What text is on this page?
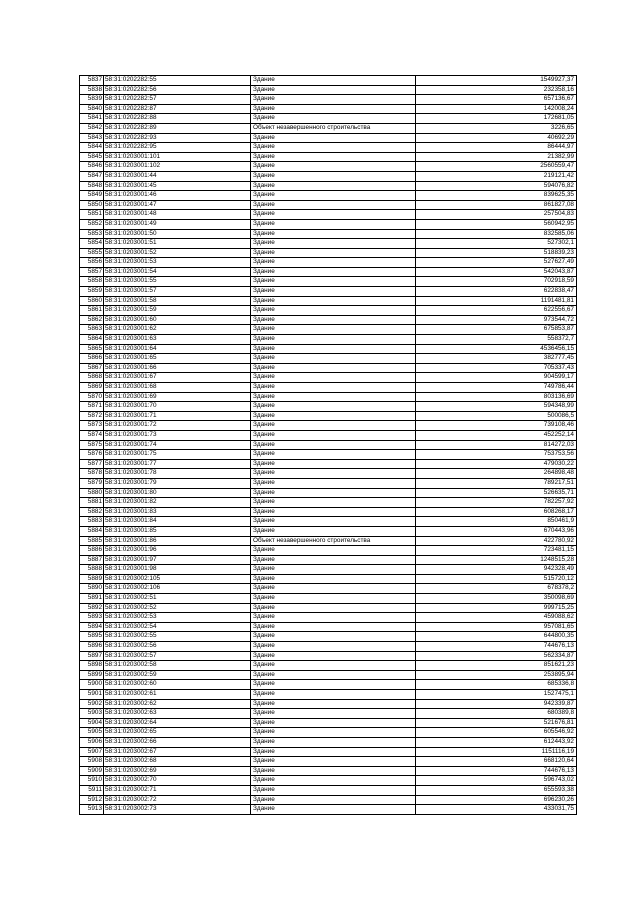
5837	58:31:0202282:55	Здание	1549927,37
5838	58:31:0202282:56	Здание	232358,16
5839	58:31:0202282:57	Здание	657136,67
5840	58:31:0202282:87	Здание	142008,24
5841	58:31:0202282:88	Здание	172681,05
5842	58:31:0202282:89	Объект незавершенного строительства	3226,65
5843	58:31:0202282:93	Здание	40692,29
5844	58:31:0202282:95	Здание	86444,97
5845	58:31:0203001:101	Здание	21382,99
5846	58:31:0203001:102	Здание	2560559,47
5847	58:31:0203001:44	Здание	219121,42
5848	58:31:0203001:45	Здание	594076,82
5849	58:31:0203001:46	Здание	839625,35
5850	58:31:0203001:47	Здание	861827,08
5851	58:31:0203001:48	Здание	257504,83
5852	58:31:0203001:49	Здание	560942,95
5853	58:31:0203001:50	Здание	832585,06
5854	58:31:0203001:51	Здание	527302,1
5855	58:31:0203001:52	Здание	518839,23
5856	58:31:0203001:53	Здание	527627,49
5857	58:31:0203001:54	Здание	542043,87
5858	58:31:0203001:55	Здание	702918,59
5859	58:31:0203001:57	Здание	622838,47
5860	58:31:0203001:58	Здание	1191481,81
5861	58:31:0203001:59	Здание	622556,67
5862	58:31:0203001:60	Здание	973544,72
5863	58:31:0203001:62	Здание	675853,87
5864	58:31:0203001:63	Здание	558372,7
5865	58:31:0203001:64	Здание	4536456,15
5866	58:31:0203001:65	Здание	382777,45
5867	58:31:0203001:66	Здание	705337,43
5868	58:31:0203001:67	Здание	904599,17
5869	58:31:0203001:68	Здание	749786,44
5870	58:31:0203001:69	Здание	803136,69
5871	58:31:0203001:70	Здание	594348,99
5872	58:31:0203001:71	Здание	500086,5
5873	58:31:0203001:72	Здание	739108,46
5874	58:31:0203001:73	Здание	452252,14
5875	58:31:0203001:74	Здание	814272,03
5876	58:31:0203001:75	Здание	753753,56
5877	58:31:0203001:77	Здание	479030,22
5878	58:31:0203001:78	Здание	264898,48
5879	58:31:0203001:79	Здание	789217,51
5880	58:31:0203001:80	Здание	526635,71
5881	58:31:0203001:82	Здание	782257,92
5882	58:31:0203001:83	Здание	608268,17
5883	58:31:0203001:84	Здание	850461,9
5884	58:31:0203001:85	Здание	670443,96
5885	58:31:0203001:86	Объект незавершенного строительства	422780,92
5886	58:31:0203001:96	Здание	723481,15
5887	58:31:0203001:97	Здание	1248515,28
5888	58:31:0203001:98	Здание	942328,49
5889	58:31:0203002:105	Здание	515720,12
5890	58:31:0203002:106	Здание	678378,2
5891	58:31:0203002:51	Здание	350098,69
5892	58:31:0203002:52	Здание	999715,25
5893	58:31:0203002:53	Здание	459088,62
5894	58:31:0203002:54	Здание	957081,65
5895	58:31:0203002:55	Здание	644800,35
5896	58:31:0203002:56	Здание	744676,13
5897	58:31:0203002:57	Здание	562334,87
5898	58:31:0203002:58	Здание	851621,23
5899	58:31:0203002:59	Здание	253895,94
5900	58:31:0203002:60	Здание	685336,8
5901	58:31:0203002:61	Здание	1527475,1
5902	58:31:0203002:62	Здание	942339,87
5903	58:31:0203002:63	Здание	680389,8
5904	58:31:0203002:64	Здание	521676,81
5905	58:31:0203002:65	Здание	605546,92
5906	58:31:0203002:66	Здание	612443,92
5907	58:31:0203002:67	Здание	1151116,19
5908	58:31:0203002:68	Здание	668120,64
5909	58:31:0203002:69	Здание	744676,13
5910	58:31:0203002:70	Здание	596743,02
5911	58:31:0203002:71	Здание	655593,38
5912	58:31:0203002:72	Здание	696230,26
5913	58:31:0203002:73	Здание	433031,75
